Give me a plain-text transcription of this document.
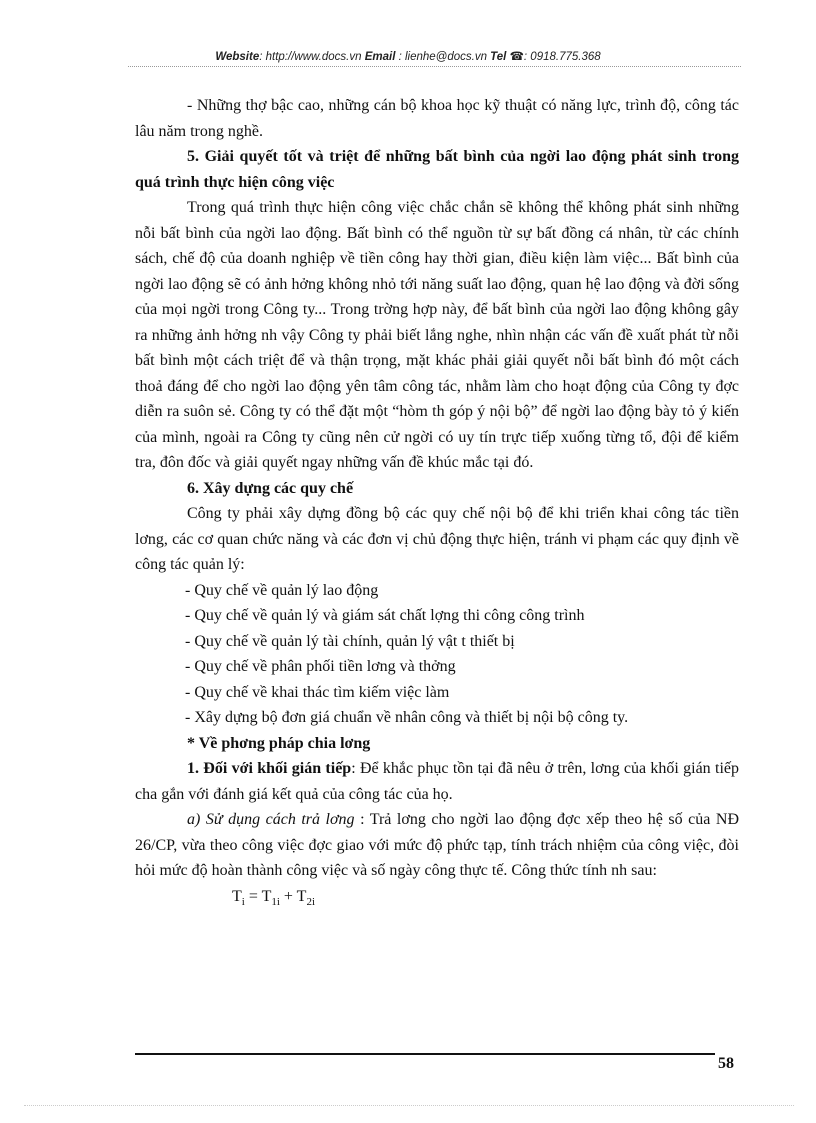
Website: http://www.docs.vn Email : lienhe@docs.vn Tel ☎: 0918.775.368

- Những thợ bậc cao, những cán bộ khoa học kỹ thuật có năng lực, trình độ, công tác lâu năm trong nghề.

5. Giải quyết tốt và triệt để những bất bình của ngời lao động phát sinh trong quá trình thực hiện công việc

Trong quá trình thực hiện công việc chắc chắn sẽ không thể không phát sinh những nỗi bất bình của ngời lao động. Bất bình có thể nguồn từ sự bất đồng cá nhân, từ các chính sách, chế độ của doanh nghiệp về tiền công hay thời gian, điều kiện làm việc... Bất bình của ngời lao động sẽ có ảnh hởng không nhỏ tới năng suất lao động, quan hệ lao động và đời sống của mọi ngời trong Công ty... Trong trờng hợp này, để bất bình của ngời lao động không gây ra những ảnh hởng nh vậy Công ty phải biết lắng nghe, nhìn nhận các vấn đề xuất phát từ nỗi bất bình một cách triệt để và thận trọng, mặt khác phải giải quyết nỗi bất bình đó một cách thoả đáng để cho ngời lao động yên tâm công tác, nhằm làm cho hoạt động của Công ty đợc diễn ra suôn sẻ. Công ty có thể đặt một “hòm th góp ý nội bộ” để ngời lao động bày tỏ ý kiến của mình, ngoài ra Công ty cũng nên cử ngời có uy tín trực tiếp xuống từng tổ, đội để kiểm tra, đôn đốc và giải quyết ngay những vấn đề khúc mắc tại đó.

6. Xây dựng các quy chế

Công ty phải xây dựng đồng bộ các quy chế nội bộ để khi triển khai công tác tiền lơng, các cơ quan chức năng và các đơn vị chủ động thực hiện, tránh vi phạm các quy định về công tác quản lý:

- Quy chế về quản lý lao động

- Quy chế về quản lý và giám sát chất lợng thi công công trình

- Quy chế về quản lý tài chính, quản lý vật t thiết bị

- Quy chế về phân phối tiền lơng và thởng

- Quy chế về khai thác tìm kiếm việc làm

- Xây dựng bộ đơn giá chuẩn về nhân công và thiết bị nội bộ công ty.

* Về phơng pháp chia lơng

1. Đối với khối gián tiếp: Để khắc phục tồn tại đã nêu ở trên, lơng của khối gián tiếp cha gắn với đánh giá kết quả của công tác của họ.

a) Sử dụng cách trả lơng : Trả lơng cho ngời lao động đợc xếp theo hệ số của NĐ 26/CP, vừa theo công việc đợc giao với mức độ phức tạp, tính trách nhiệm của công việc, đòi hỏi mức độ hoàn thành công việc và số ngày công thực tế. Công thức tính nh sau:

$T_i = T_{1i} + T_{2i}$

58
